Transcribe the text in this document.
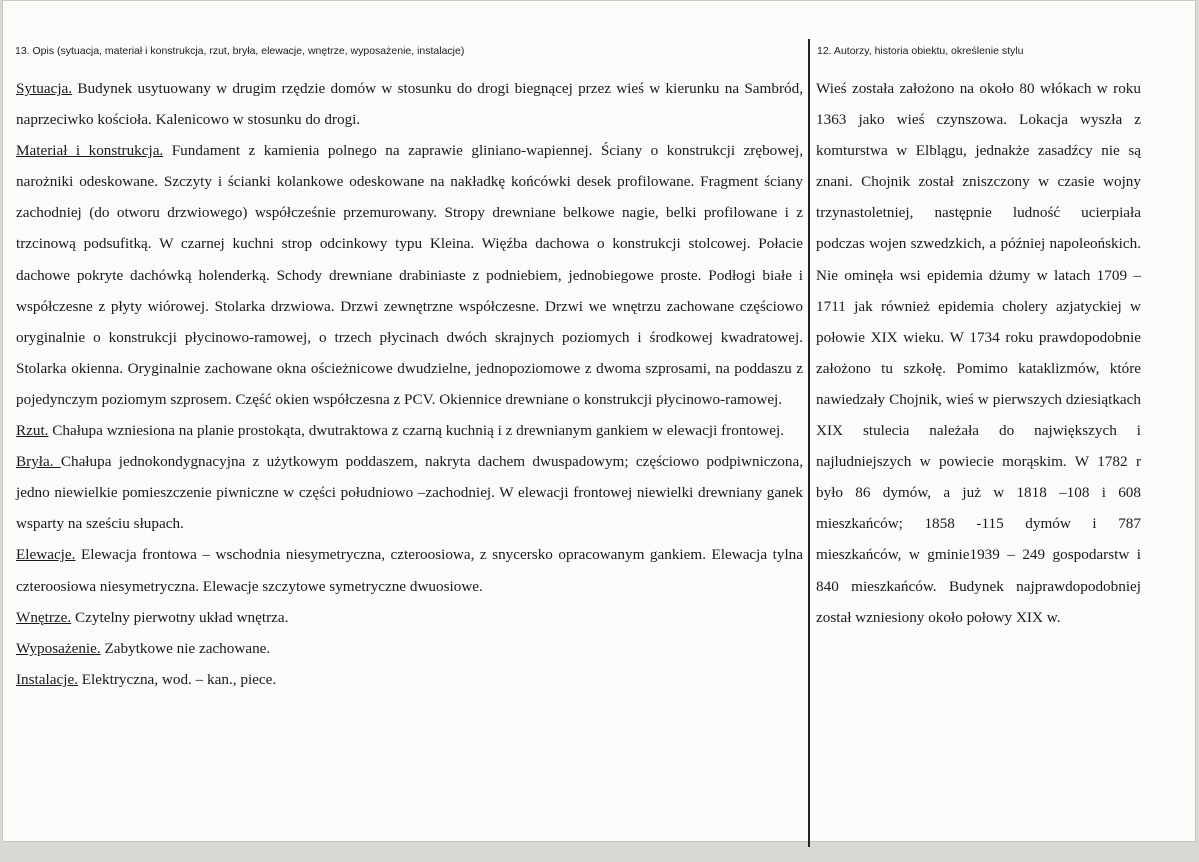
13. Opis (sytuacja, materiał i konstrukcja, rzut, bryła, elewacje, wnętrze, wyposażenie, instalacje)	12. Autorzy, historia obiektu, określenie stylu

Sytuacja. Budynek usytuowany w drugim rzędzie domów w stosunku do drogi biegnącej przez wieś w kierunku na Sambród, naprzeciwko kościoła. Kalenicowo w stosunku do drogi.

Materiał i konstrukcja. Fundament z kamienia polnego na zaprawie gliniano-wapiennej. Ściany o konstrukcji zrębowej, narożniki odeskowane. Szczyty i ścianki kolankowe odeskowane na nakładkę końcówki desek profilowane. Fragment ściany zachodniej (do otworu drzwiowego) współcześnie przemurowany. Stropy drewniane belkowe nagie, belki profilowane i z trzcinową podsufitką. W czarnej kuchni strop odcinkowy typu Kleina. Więźba dachowa o konstrukcji stolcowej. Połacie dachowe pokryte dachówką holenderką. Schody drewniane drabiniaste z podniebiem, jednobiegowe proste. Podłogi białe i współczesne z płyty wiórowej. Stolarka drzwiowa. Drzwi zewnętrzne współczesne. Drzwi we wnętrzu zachowane częściowo oryginalnie o konstrukcji płycinowo-ramowej, o trzech płycinach dwóch skrajnych poziomych i środkowej kwadratowej. Stolarka okienna. Oryginalnie zachowane okna ościeżnicowe dwudzielne, jednopoziomowe z dwoma szprosami, na poddaszu z pojedynczym poziomym szprosem. Część okien współczesna z PCV. Okiennice drewniane o konstrukcji płycinowo-ramowej.

Rzut. Chałupa wzniesiona na planie prostokąta, dwutraktowa z czarną kuchnią i z drewnianym gankiem w elewacji frontowej.

Bryła. Chałupa jednokondygnacyjna z użytkowym poddaszem, nakryta dachem dwuspadowym; częściowo podpiwniczona, jedno niewielkie pomieszczenie piwniczne w części południowo –zachodniej. W elewacji frontowej niewielki drewniany ganek wsparty na sześciu słupach.

Elewacje. Elewacja frontowa – wschodnia niesymetryczna, czteroosiowa, z snycersko opracowanym gankiem. Elewacja tylna czteroosiowa niesymetryczna. Elewacje szczytowe symetryczne dwuosiowe.

Wnętrze. Czytelny pierwotny układ wnętrza.

Wyposażenie. Zabytkowe nie zachowane.

Instalacje. Elektryczna, wod. – kan., piece.

Wieś została założono na około 80 włókach w roku 1363 jako wieś czynszowa. Lokacja wyszła z komturstwa w Elblągu, jednakże zasadźcy nie są znani. Chojnik został zniszczony w czasie wojny trzynastoletniej, następnie ludność ucierpiała podczas wojen szwedzkich, a później napoleońskich. Nie ominęła wsi epidemia dżumy w latach 1709 – 1711 jak również epidemia cholery azjatyckiej w połowie XIX wieku. W 1734 roku prawdopodobnie założono tu szkołę. Pomimo kataklizmów, które nawiedzały Chojnik, wieś w pierwszych dziesiątkach XIX stulecia należała do największych i najludniejszych w powiecie morąskim. W 1782 r było 86 dymów, a już w 1818 –108 i 608 mieszkańców; 1858 -115 dymów i 787 mieszkańców, w gminie1939 – 249 gospodarstw i 840 mieszkańców. Budynek najprawdopodobniej został wzniesiony około połowy XIX w.
